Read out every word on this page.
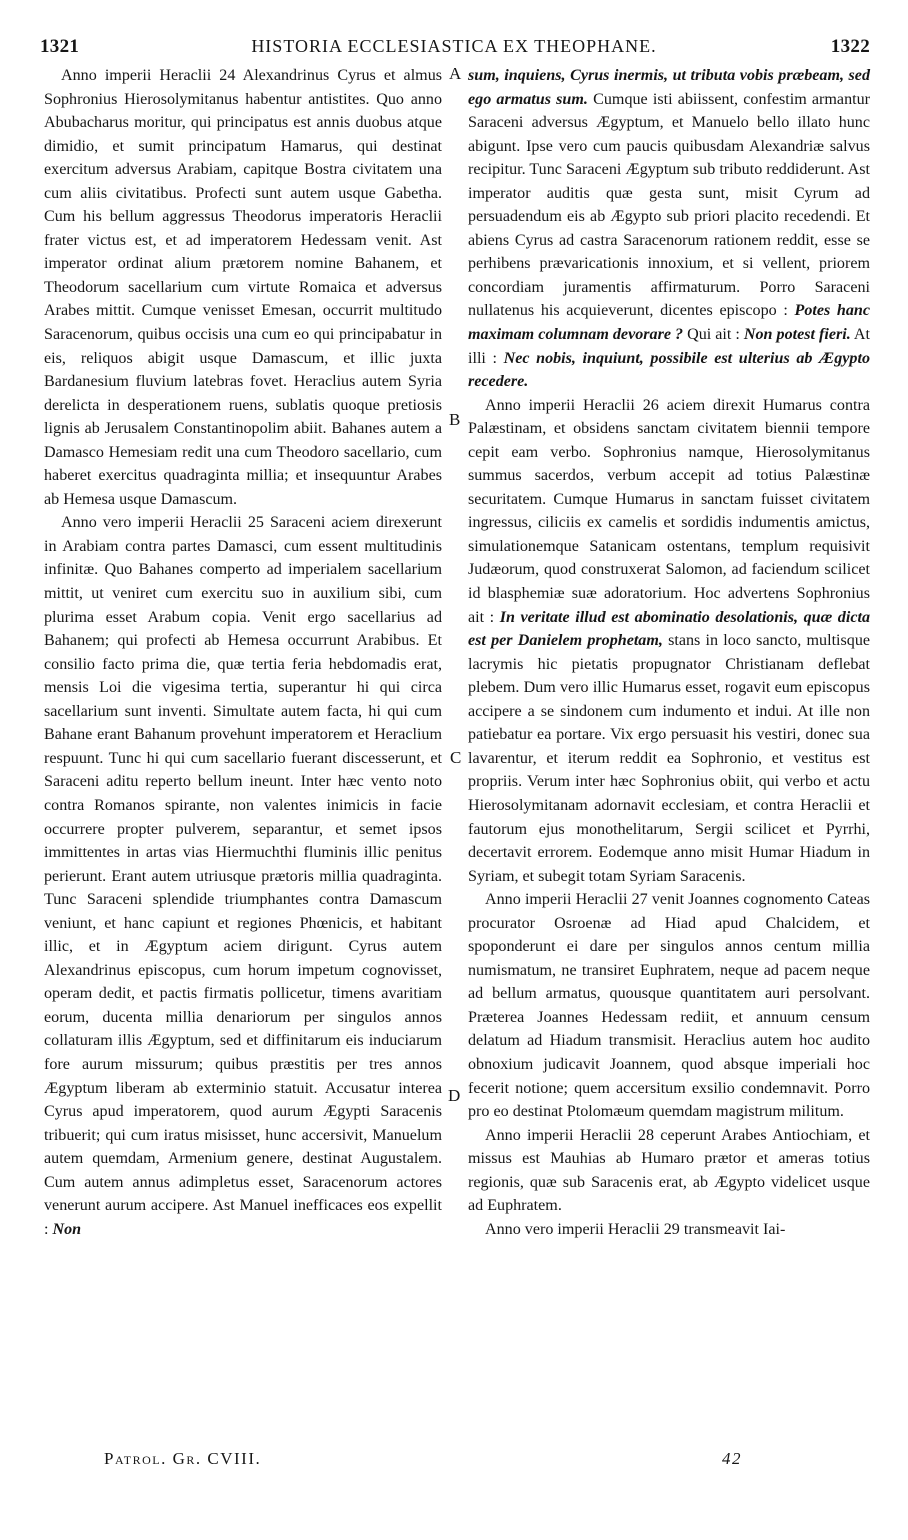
1321	HISTORIA ECCLESIASTICA EX THEOPHANE.	1322
A
B
C
D

Anno imperii Heraclii 24 Alexandrinus Cyrus et almus Sophronius Hierosolymitanus habentur antistites. Quo anno Abubacharus moritur, qui principatus est annis duobus atque dimidio, et sumit principatum Hamarus, qui destinat exercitum adversus Arabiam, capitque Bostra civitatem una cum aliis civitatibus. Profecti sunt autem usque Gabetha. Cum his bellum aggressus Theodorus imperatoris Heraclii frater victus est, et ad imperatorem Hedessam venit. Ast imperator ordinat alium prætorem nomine Bahanem, et Theodorum sacellarium cum virtute Romaica et adversus Arabes mittit. Cumque venisset Emesan, occurrit multitudo Saracenorum, quibus occisis una cum eo qui principabatur in eis, reliquos abigit usque Damascum, et illic juxta Bardanesium fluvium latebras fovet. Heraclius autem Syria derelicta in desperationem ruens, sublatis quoque pretiosis lignis ab Jerusalem Constantinopolim abiit. Bahanes autem a Damasco Hemesiam redit una cum Theodoro sacellario, cum haberet exercitus quadraginta millia; et insequuntur Arabes ab Hemesa usque Damascum.

Anno vero imperii Heraclii 25 Saraceni aciem direxerunt in Arabiam contra partes Damasci, cum essent multitudinis infinitæ. Quo Bahanes comperto ad imperialem sacellarium mittit, ut veniret cum exercitu suo in auxilium sibi, cum plurima esset Arabum copia. Venit ergo sacellarius ad Bahanem; qui profecti ab Hemesa occurrunt Arabibus. Et consilio facto prima die, quæ tertia feria hebdomadis erat, mensis Loi die vigesima tertia, superantur hi qui circa sacellarium sunt inventi. Simultate autem facta, hi qui cum Bahane erant Bahanum provehunt imperatorem et Heraclium respuunt. Tunc hi qui cum sacellario fuerant discesserunt, et Saraceni aditu reperto bellum ineunt. Inter hæc vento noto contra Romanos spirante, non valentes inimicis in facie occurrere propter pulverem, separantur, et semet ipsos immittentes in artas vias Hiermuchthi fluminis illic penitus perierunt. Erant autem utriusque prætoris millia quadraginta. Tunc Saraceni splendide triumphantes contra Damascum veniunt, et hanc capiunt et regiones Phœnicis, et habitant illic, et in Ægyptum aciem dirigunt. Cyrus autem Alexandrinus episcopus, cum horum impetum cognovisset, operam dedit, et pactis firmatis pollicetur, timens avaritiam eorum, ducenta millia denariorum per singulos annos collaturam illis Ægyptum, sed et diffinitarum eis induciarum fore aurum missurum; quibus præstitis per tres annos Ægyptum liberam ab exterminio statuit. Accusatur interea Cyrus apud imperatorem, quod aurum Ægypti Saracenis tribuerit; qui cum iratus misisset, hunc accersivit, Manuelum autem quemdam, Armenium genere, destinat Augustalem. Cum autem annus adimpletus esset, Saracenorum actores venerunt aurum accipere. Ast Manuel inefficaces eos expellit : Non

sum, inquiens, Cyrus inermis, ut tributa vobis præbeam, sed ego armatus sum. Cumque isti abiissent, confestim armantur Saraceni adversus Ægyptum, et Manuelo bello illato hunc abigunt. Ipse vero cum paucis quibusdam Alexandriæ salvus recipitur. Tunc Saraceni Ægyptum sub tributo reddiderunt. Ast imperator auditis quæ gesta sunt, misit Cyrum ad persuadendum eis ab Ægypto sub priori placito recedendi. Et abiens Cyrus ad castra Saracenorum rationem reddit, esse se perhibens prævaricationis innoxium, et si vellent, priorem concordiam juramentis affirmaturum. Porro Saraceni nullatenus his acquieverunt, dicentes episcopo : Potes hanc maximam columnam devorare ? Qui ait : Non potest fieri. At illi : Nec nobis, inquiunt, possibile est ulterius ab Ægypto recedere.

Anno imperii Heraclii 26 aciem direxit Humarus contra Palæstinam, et obsidens sanctam civitatem biennii tempore cepit eam verbo. Sophronius namque, Hierosolymitanus summus sacerdos, verbum accepit ad totius Palæstinæ securitatem. Cumque Humarus in sanctam fuisset civitatem ingressus, ciliciis ex camelis et sordidis indumentis amictus, simulationemque Satanicam ostentans, templum requisivit Judæorum, quod construxerat Salomon, ad faciendum scilicet id blasphemiæ suæ adoratorium. Hoc advertens Sophronius ait : In veritate illud est abominatio desolationis, quæ dicta est per Danielem prophetam, stans in loco sancto, multisque lacrymis hic pietatis propugnator Christianam deflebat plebem. Dum vero illic Humarus esset, rogavit eum episcopus accipere a se sindonem cum indumento et indui. At ille non patiebatur ea portare. Vix ergo persuasit his vestiri, donec sua lavarentur, et iterum reddit ea Sophronio, et vestitus est propriis. Verum inter hæc Sophronius obiit, qui verbo et actu Hierosolymitanam adornavit ecclesiam, et contra Heraclii et fautorum ejus monothelitarum, Sergii scilicet et Pyrrhi, decertavit errorem. Eodemque anno misit Humar Hiadum in Syriam, et subegit totam Syriam Saracenis.

Anno imperii Heraclii 27 venit Joannes cognomento Cateas procurator Osroenæ ad Hiad apud Chalcidem, et spoponderunt ei dare per singulos annos centum millia numismatum, ne transiret Euphratem, neque ad pacem neque ad bellum armatus, quousque quantitatem auri persolvant. Præterea Joannes Hedessam rediit, et annuum censum delatum ad Hiadum transmisit. Heraclius autem hoc audito obnoxium judicavit Joannem, quod absque imperiali hoc fecerit notione; quem accersitum exsilio condemnavit. Porro pro eo destinat Ptolomæum quemdam magistrum militum.

Anno imperii Heraclii 28 ceperunt Arabes Antiochiam, et missus est Mauhias ab Humaro prætor et ameras totius regionis, quæ sub Saracenis erat, ab Ægypto videlicet usque ad Euphratem.

Anno vero imperii Heraclii 29 transmeavit Iai-

Patrol. Gr. CVIII.	42
